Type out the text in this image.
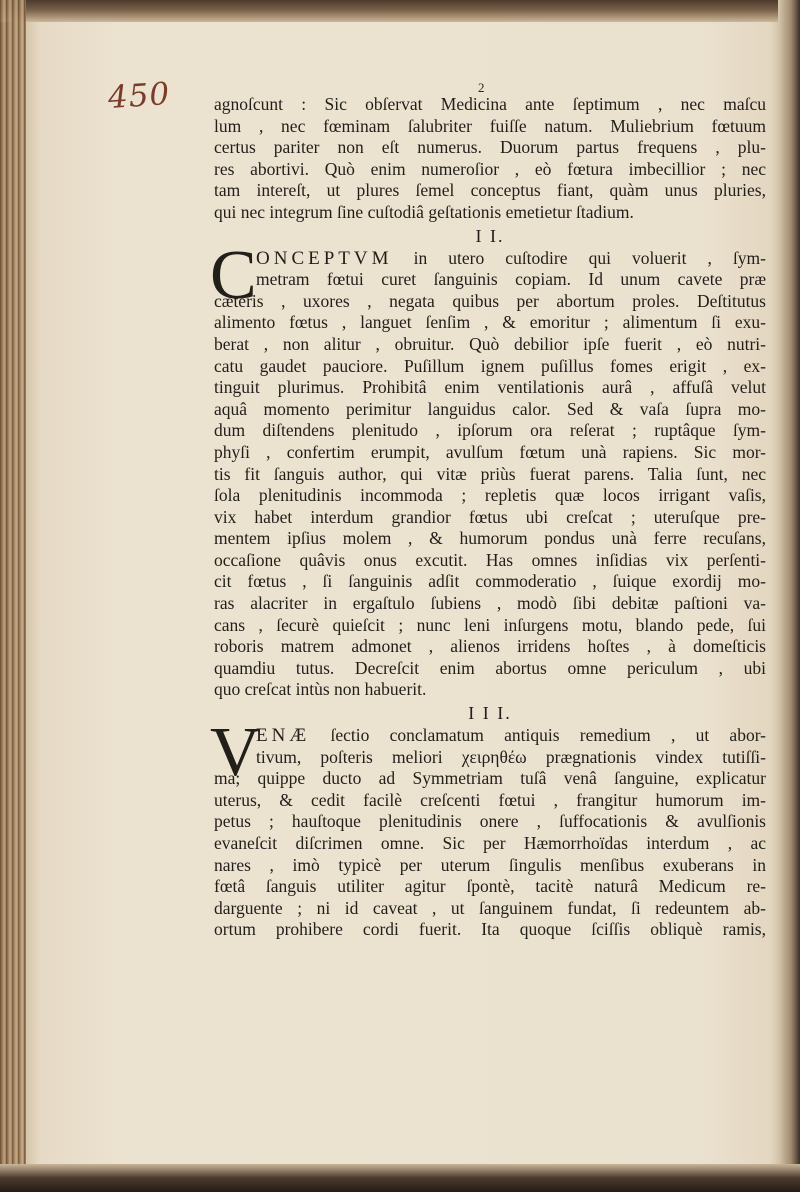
450	2
agnoſcunt : Sic obſervat Medicina ante ſeptimum , nec maſcu
lum , nec fœminam ſalubriter fuiſſe natum. Muliebrium fœtuum
certus pariter non eſt numerus. Duorum partus frequens , plu-
res abortivi. Quò enim numeroſior , eò fœtura imbecillior ; nec
tam intereſt, ut plures ſemel conceptus fiant, quàm unus pluries,
qui nec integrum ſine cuſtodiâ geſtationis emetietur ſtadium.
I I.
C ONCEPTVM in utero cuſtodire qui voluerit , ſym-
metram fœtui curet ſanguinis copiam. Id unum cavete præ
cæteris , uxores , negata quibus per abortum proles. Deſtitutus
alimento fœtus , languet ſenſim , & emoritur ; alimentum ſi exu-
berat , non alitur , obruitur. Quò debilior ipſe fuerit , eò nutri-
catu gaudet pauciore. Puſillum ignem puſillus fomes erigit , ex-
tinguit plurimus. Prohibitâ enim ventilationis aurâ , affuſâ velut
aquâ momento perimitur languidus calor. Sed & vaſa ſupra mo-
dum diſtendens plenitudo , ipſorum ora reſerat ; ruptâque ſym-
phyſi , confertim erumpit, avulſum fœtum unà rapiens. Sic mor-
tis fit ſanguis author, qui vitæ priùs fuerat parens. Talia ſunt, nec
ſola plenitudinis incommoda ; repletis quæ locos irrigant vaſis,
vix habet interdum grandior fœtus ubi creſcat ; uteruſque pre-
mentem ipſius molem , & humorum pondus unà ferre recuſans,
occaſione quâvis onus excutit. Has omnes inſidias vix perſenti-
cit fœtus , ſi ſanguinis adſit commoderatio , ſuique exordij mo-
ras alacriter in ergaſtulo ſubiens , modò ſibi debitæ paſtioni va-
cans , ſecurè quieſcit ; nunc leni inſurgens motu, blando pede, ſui
roboris matrem admonet , alienos irridens hoſtes , à domeſticis
quamdiu tutus. Decreſcit enim abortus omne periculum , ubi
quo creſcat intùs non habuerit.
I I I.
V
ENÆ ſectio conclamatum antiquis remedium , ut abor-
tivum, poſteris meliori χειρηθέω prægnationis vindex tutiſſi-
ma; quippe ducto ad Symmetriam tuſâ venâ ſanguine, explicatur
uterus, & cedit facilè creſcenti fœtui , frangitur humorum im-
petus ; hauſtoque plenitudinis onere , ſuffocationis & avulſionis
evaneſcit diſcrimen omne. Sic per Hæmorrhoïdas interdum , ac
nares , imò typicè per uterum ſingulis menſibus exuberans in
fœtâ ſanguis utiliter agitur ſpontè, tacitè naturâ Medicum re-
darguente ; ni id caveat , ut ſanguinem fundat, ſi redeuntem ab-
ortum prohibere cordi fuerit. Ita quoque ſciſſis obliquè ramis,
